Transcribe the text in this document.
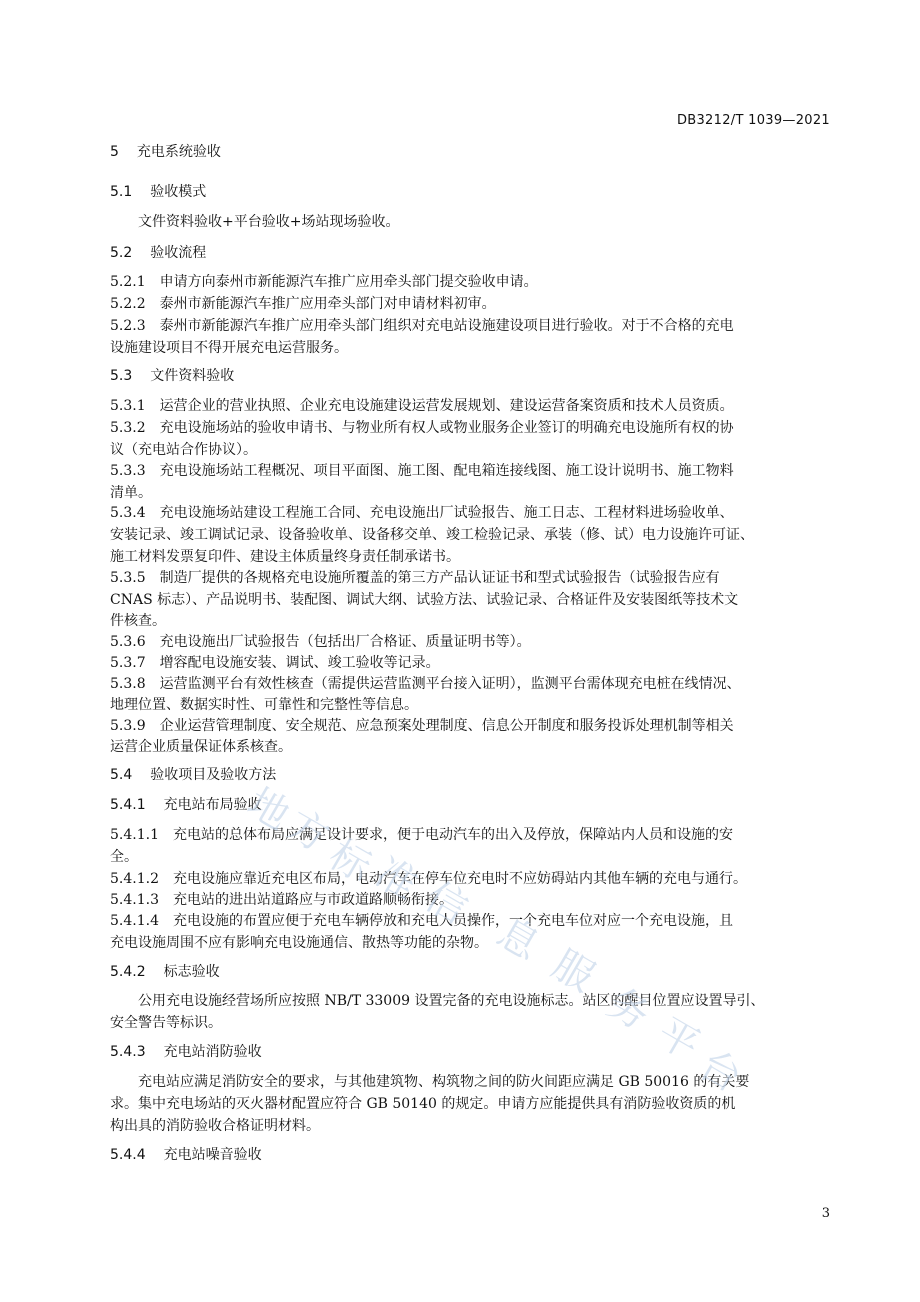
DB3212/T 1039—2021
5 充电系统验收
5.1 验收模式
文件资料验收+平台验收+场站现场验收。
5.2 验收流程
5.2.1 申请方向泰州市新能源汽车推广应用牵头部门提交验收申请。
5.2.2 泰州市新能源汽车推广应用牵头部门对申请材料初审。
5.2.3 泰州市新能源汽车推广应用牵头部门组织对充电站设施建设项目进行验收。对于不合格的充电
设施建设项目不得开展充电运营服务。
5.3 文件资料验收
5.3.1 运营企业的营业执照、企业充电设施建设运营发展规划、建设运营备案资质和技术人员资质。
5.3.2 充电设施场站的验收申请书、与物业所有权人或物业服务企业签订的明确充电设施所有权的协
议（充电站合作协议）。
5.3.3 充电设施场站工程概况、项目平面图、施工图、配电箱连接线图、施工设计说明书、施工物料
清单。
5.3.4 充电设施场站建设工程施工合同、充电设施出厂试验报告、施工日志、工程材料进场验收单、
安装记录、竣工调试记录、设备验收单、设备移交单、竣工检验记录、承装（修、试）电力设施许可证、
施工材料发票复印件、建设主体质量终身责任制承诺书。
5.3.5 制造厂提供的各规格充电设施所覆盖的第三方产品认证证书和型式试验报告（试验报告应有
CNAS 标志）、产品说明书、装配图、调试大纲、试验方法、试验记录、合格证件及安装图纸等技术文
件核查。
5.3.6 充电设施出厂试验报告（包括出厂合格证、质量证明书等）。
5.3.7 增容配电设施安装、调试、竣工验收等记录。
5.3.8 运营监测平台有效性核查（需提供运营监测平台接入证明），监测平台需体现充电桩在线情况、
地理位置、数据实时性、可靠性和完整性等信息。
5.3.9 企业运营管理制度、安全规范、应急预案处理制度、信息公开制度和服务投诉处理机制等相关
运营企业质量保证体系核查。
5.4 验收项目及验收方法
5.4.1 充电站布局验收
5.4.1.1 充电站的总体布局应满足设计要求，便于电动汽车的出入及停放，保障站内人员和设施的安
全。
5.4.1.2 充电设施应靠近充电区布局，电动汽车在停车位充电时不应妨碍站内其他车辆的充电与通行。
5.4.1.3 充电站的进出站道路应与市政道路顺畅衔接。
5.4.1.4 充电设施的布置应便于充电车辆停放和充电人员操作，一个充电车位对应一个充电设施，且
充电设施周围不应有影响充电设施通信、散热等功能的杂物。
5.4.2 标志验收
公用充电设施经营场所应按照 NB/T 33009 设置完备的充电设施标志。站区的醒目位置应设置导引、
安全警告等标识。
5.4.3 充电站消防验收
充电站应满足消防安全的要求，与其他建筑物、构筑物之间的防火间距应满足 GB 50016 的有关要
求。集中充电场站的灭火器材配置应符合 GB 50140 的规定。申请方应能提供具有消防验收资质的机
构出具的消防验收合格证明材料。
5.4.4 充电站噪音验收
3
地
方
标
准
信
息
服
务
平
台
